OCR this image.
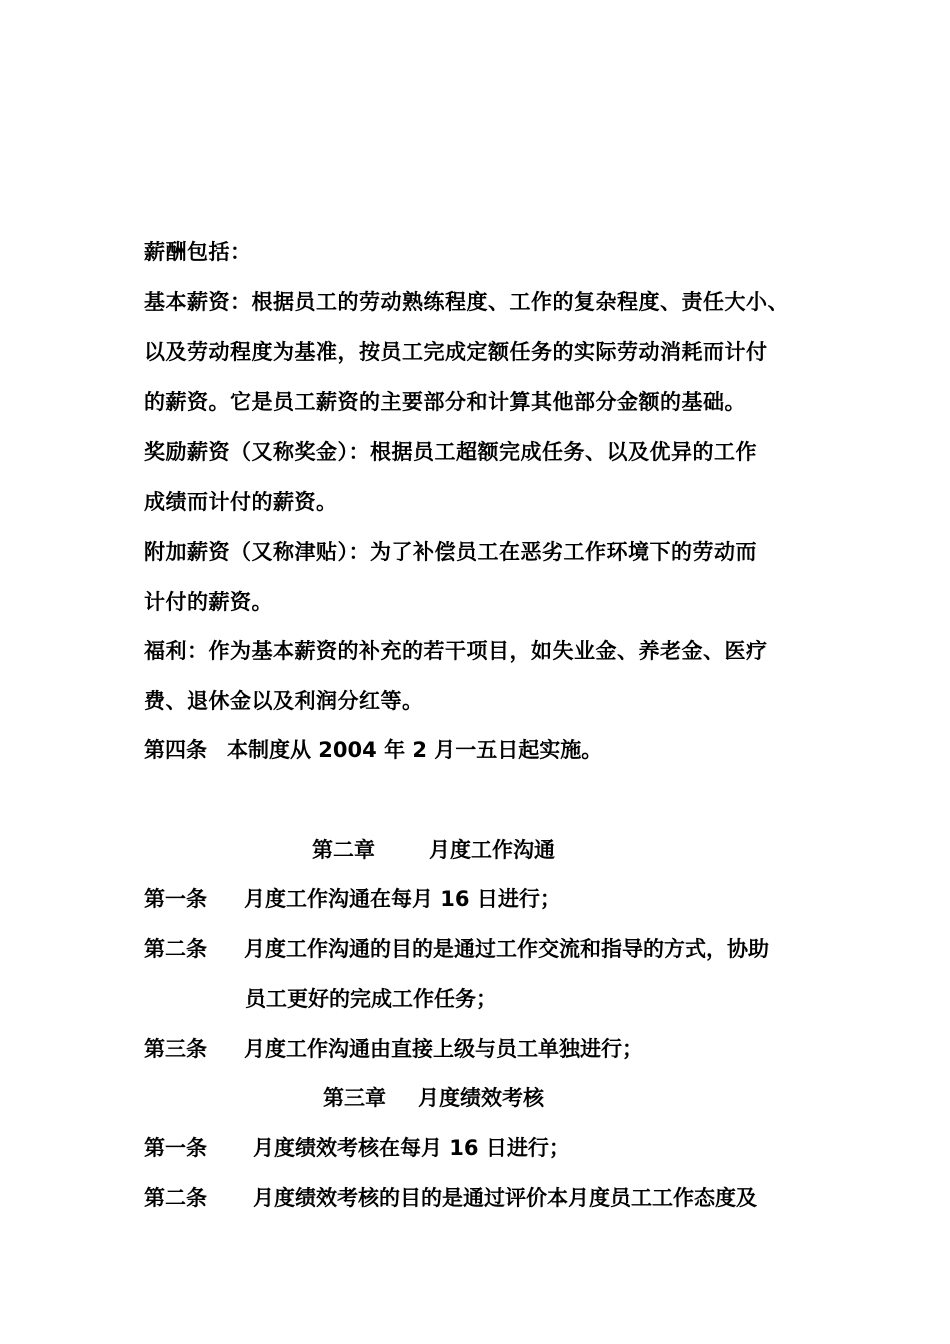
薪酬包括：
基本薪资：根据员工的劳动熟练程度、工作的复杂程度、责任大小、
以及劳动程度为基准，按员工完成定额任务的实际劳动消耗而计付
的薪资。它是员工薪资的主要部分和计算其他部分金额的基础。
奖励薪资（又称奖金）：根据员工超额完成任务、以及优异的工作
成绩而计付的薪资。
附加薪资（又称津贴）：为了补偿员工在恶劣工作环境下的劳动而
计付的薪资。
福利：作为基本薪资的补充的若干项目，如失业金、养老金、医疗
费、退休金以及利润分红等。
第四条 本制度从 2004 年 2 月一五日起实施。
第二章	月度工作沟通
第一条 月度工作沟通在每月 16 日进行；
第二条 月度工作沟通的目的是通过工作交流和指导的方式，协助
员工更好的完成工作任务；
第三条 月度工作沟通由直接上级与员工单独进行；
第三章 月度绩效考核
第一条 月度绩效考核在每月 16 日进行；
第二条 月度绩效考核的目的是通过评价本月度员工工作态度及
